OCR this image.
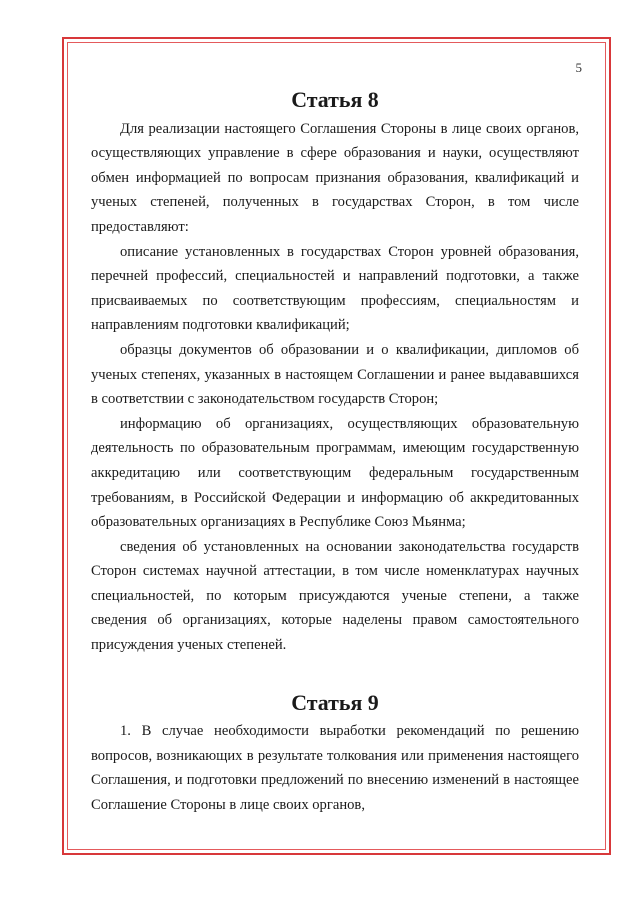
5
Статья 8

Для реализации настоящего Соглашения Стороны в лице своих органов, осуществляющих управление в сфере образования и науки, осуществляют обмен информацией по вопросам признания образования, квалификаций и ученых степеней, полученных в государствах Сторон, в том числе предоставляют:

описание установленных в государствах Сторон уровней образования, перечней профессий, специальностей и направлений подготовки, а также присваиваемых по соответствующим профессиям, специальностям и направлениям подготовки квалификаций;

образцы документов об образовании и о квалификации, дипломов об ученых степенях, указанных в настоящем Соглашении и ранее выдававшихся в соответствии с законодательством государств Сторон;

информацию об организациях, осуществляющих образовательную деятельность по образовательным программам, имеющим государственную аккредитацию или соответствующим федеральным государственным требованиям, в Российской Федерации и информацию об аккредитованных образовательных организациях в Республике Союз Мьянма;

сведения об установленных на основании законодательства государств Сторон системах научной аттестации, в том числе номенклатурах научных специальностей, по которым присуждаются ученые степени, а также сведения об организациях, которые наделены правом самостоятельного присуждения ученых степеней.

Статья 9

1. В случае необходимости выработки рекомендаций по решению вопросов, возникающих в результате толкования или применения настоящего Соглашения, и подготовки предложений по внесению изменений в настоящее Соглашение Стороны в лице своих органов,
